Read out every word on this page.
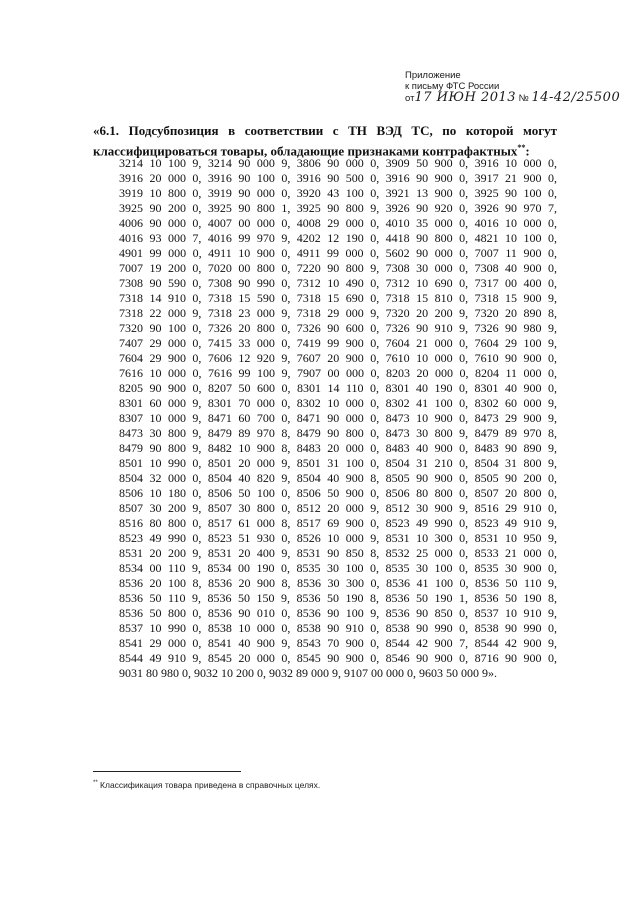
Приложение
к письму ФТС России
от17 ИЮН 2013 № 14-42/25500
«6.1. Подсубпозиция в соответствии с ТН ВЭД ТС, по которой могут классифицироваться товары, обладающие признаками контрафактных**:
3214 10 100 9, 3214 90 000 9, 3806 90 000 0, 3909 50 900 0, 3916 10 000 0,
3916 20 000 0, 3916 90 100 0, 3916 90 500 0, 3916 90 900 0, 3917 21 900 0,
3919 10 800 0, 3919 90 000 0, 3920 43 100 0, 3921 13 900 0, 3925 90 100 0,
3925 90 200 0, 3925 90 800 1, 3925 90 800 9, 3926 90 920 0, 3926 90 970 7,
4006 90 000 0, 4007 00 000 0, 4008 29 000 0, 4010 35 000 0, 4016 10 000 0,
4016 93 000 7, 4016 99 970 9, 4202 12 190 0, 4418 90 800 0, 4821 10 100 0,
4901 99 000 0, 4911 10 900 0, 4911 99 000 0, 5602 90 000 0, 7007 11 900 0,
7007 19 200 0, 7020 00 800 0, 7220 90 800 9, 7308 30 000 0, 7308 40 900 0,
7308 90 590 0, 7308 90 990 0, 7312 10 490 0, 7312 10 690 0, 7317 00 400 0,
7318 14 910 0, 7318 15 590 0, 7318 15 690 0, 7318 15 810 0, 7318 15 900 9,
7318 22 000 9, 7318 23 000 9, 7318 29 000 9, 7320 20 200 9, 7320 20 890 8,
7320 90 100 0, 7326 20 800 0, 7326 90 600 0, 7326 90 910 9, 7326 90 980 9,
7407 29 000 0, 7415 33 000 0, 7419 99 900 0, 7604 21 000 0, 7604 29 100 9,
7604 29 900 0, 7606 12 920 9, 7607 20 900 0, 7610 10 000 0, 7610 90 900 0,
7616 10 000 0, 7616 99 100 9, 7907 00 000 0, 8203 20 000 0, 8204 11 000 0,
8205 90 900 0, 8207 50 600 0, 8301 14 110 0, 8301 40 190 0, 8301 40 900 0,
8301 60 000 9, 8301 70 000 0, 8302 10 000 0, 8302 41 100 0, 8302 60 000 9,
8307 10 000 9, 8471 60 700 0, 8471 90 000 0, 8473 10 900 0, 8473 29 900 9,
8473 30 800 9, 8479 89 970 8, 8479 90 800 0, 8473 30 800 9, 8479 89 970 8,
8479 90 800 9, 8482 10 900 8, 8483 20 000 0, 8483 40 900 0, 8483 90 890 9,
8501 10 990 0, 8501 20 000 9, 8501 31 100 0, 8504 31 210 0, 8504 31 800 9,
8504 32 000 0, 8504 40 820 9, 8504 40 900 8, 8505 90 900 0, 8505 90 200 0,
8506 10 180 0, 8506 50 100 0, 8506 50 900 0, 8506 80 800 0, 8507 20 800 0,
8507 30 200 9, 8507 30 800 0, 8512 20 000 9, 8512 30 900 9, 8516 29 910 0,
8516 80 800 0, 8517 61 000 8, 8517 69 900 0, 8523 49 990 0, 8523 49 910 9,
8523 49 990 0, 8523 51 930 0, 8526 10 000 9, 8531 10 300 0, 8531 10 950 9,
8531 20 200 9, 8531 20 400 9, 8531 90 850 8, 8532 25 000 0, 8533 21 000 0,
8534 00 110 9, 8534 00 190 0, 8535 30 100 0, 8535 30 100 0, 8535 30 900 0,
8536 20 100 8, 8536 20 900 8, 8536 30 300 0, 8536 41 100 0, 8536 50 110 9,
8536 50 110 9, 8536 50 150 9, 8536 50 190 8, 8536 50 190 1, 8536 50 190 8,
8536 50 800 0, 8536 90 010 0, 8536 90 100 9, 8536 90 850 0, 8537 10 910 9,
8537 10 990 0, 8538 10 000 0, 8538 90 910 0, 8538 90 990 0, 8538 90 990 0,
8541 29 000 0, 8541 40 900 9, 8543 70 900 0, 8544 42 900 7, 8544 42 900 9,
8544 49 910 9, 8545 20 000 0, 8545 90 900 0, 8546 90 900 0, 8716 90 900 0,
9031 80 980 0, 9032 10 200 0, 9032 89 000 9, 9107 00 000 0, 9603 50 000 9».
** Классификация товара приведена в справочных целях.
